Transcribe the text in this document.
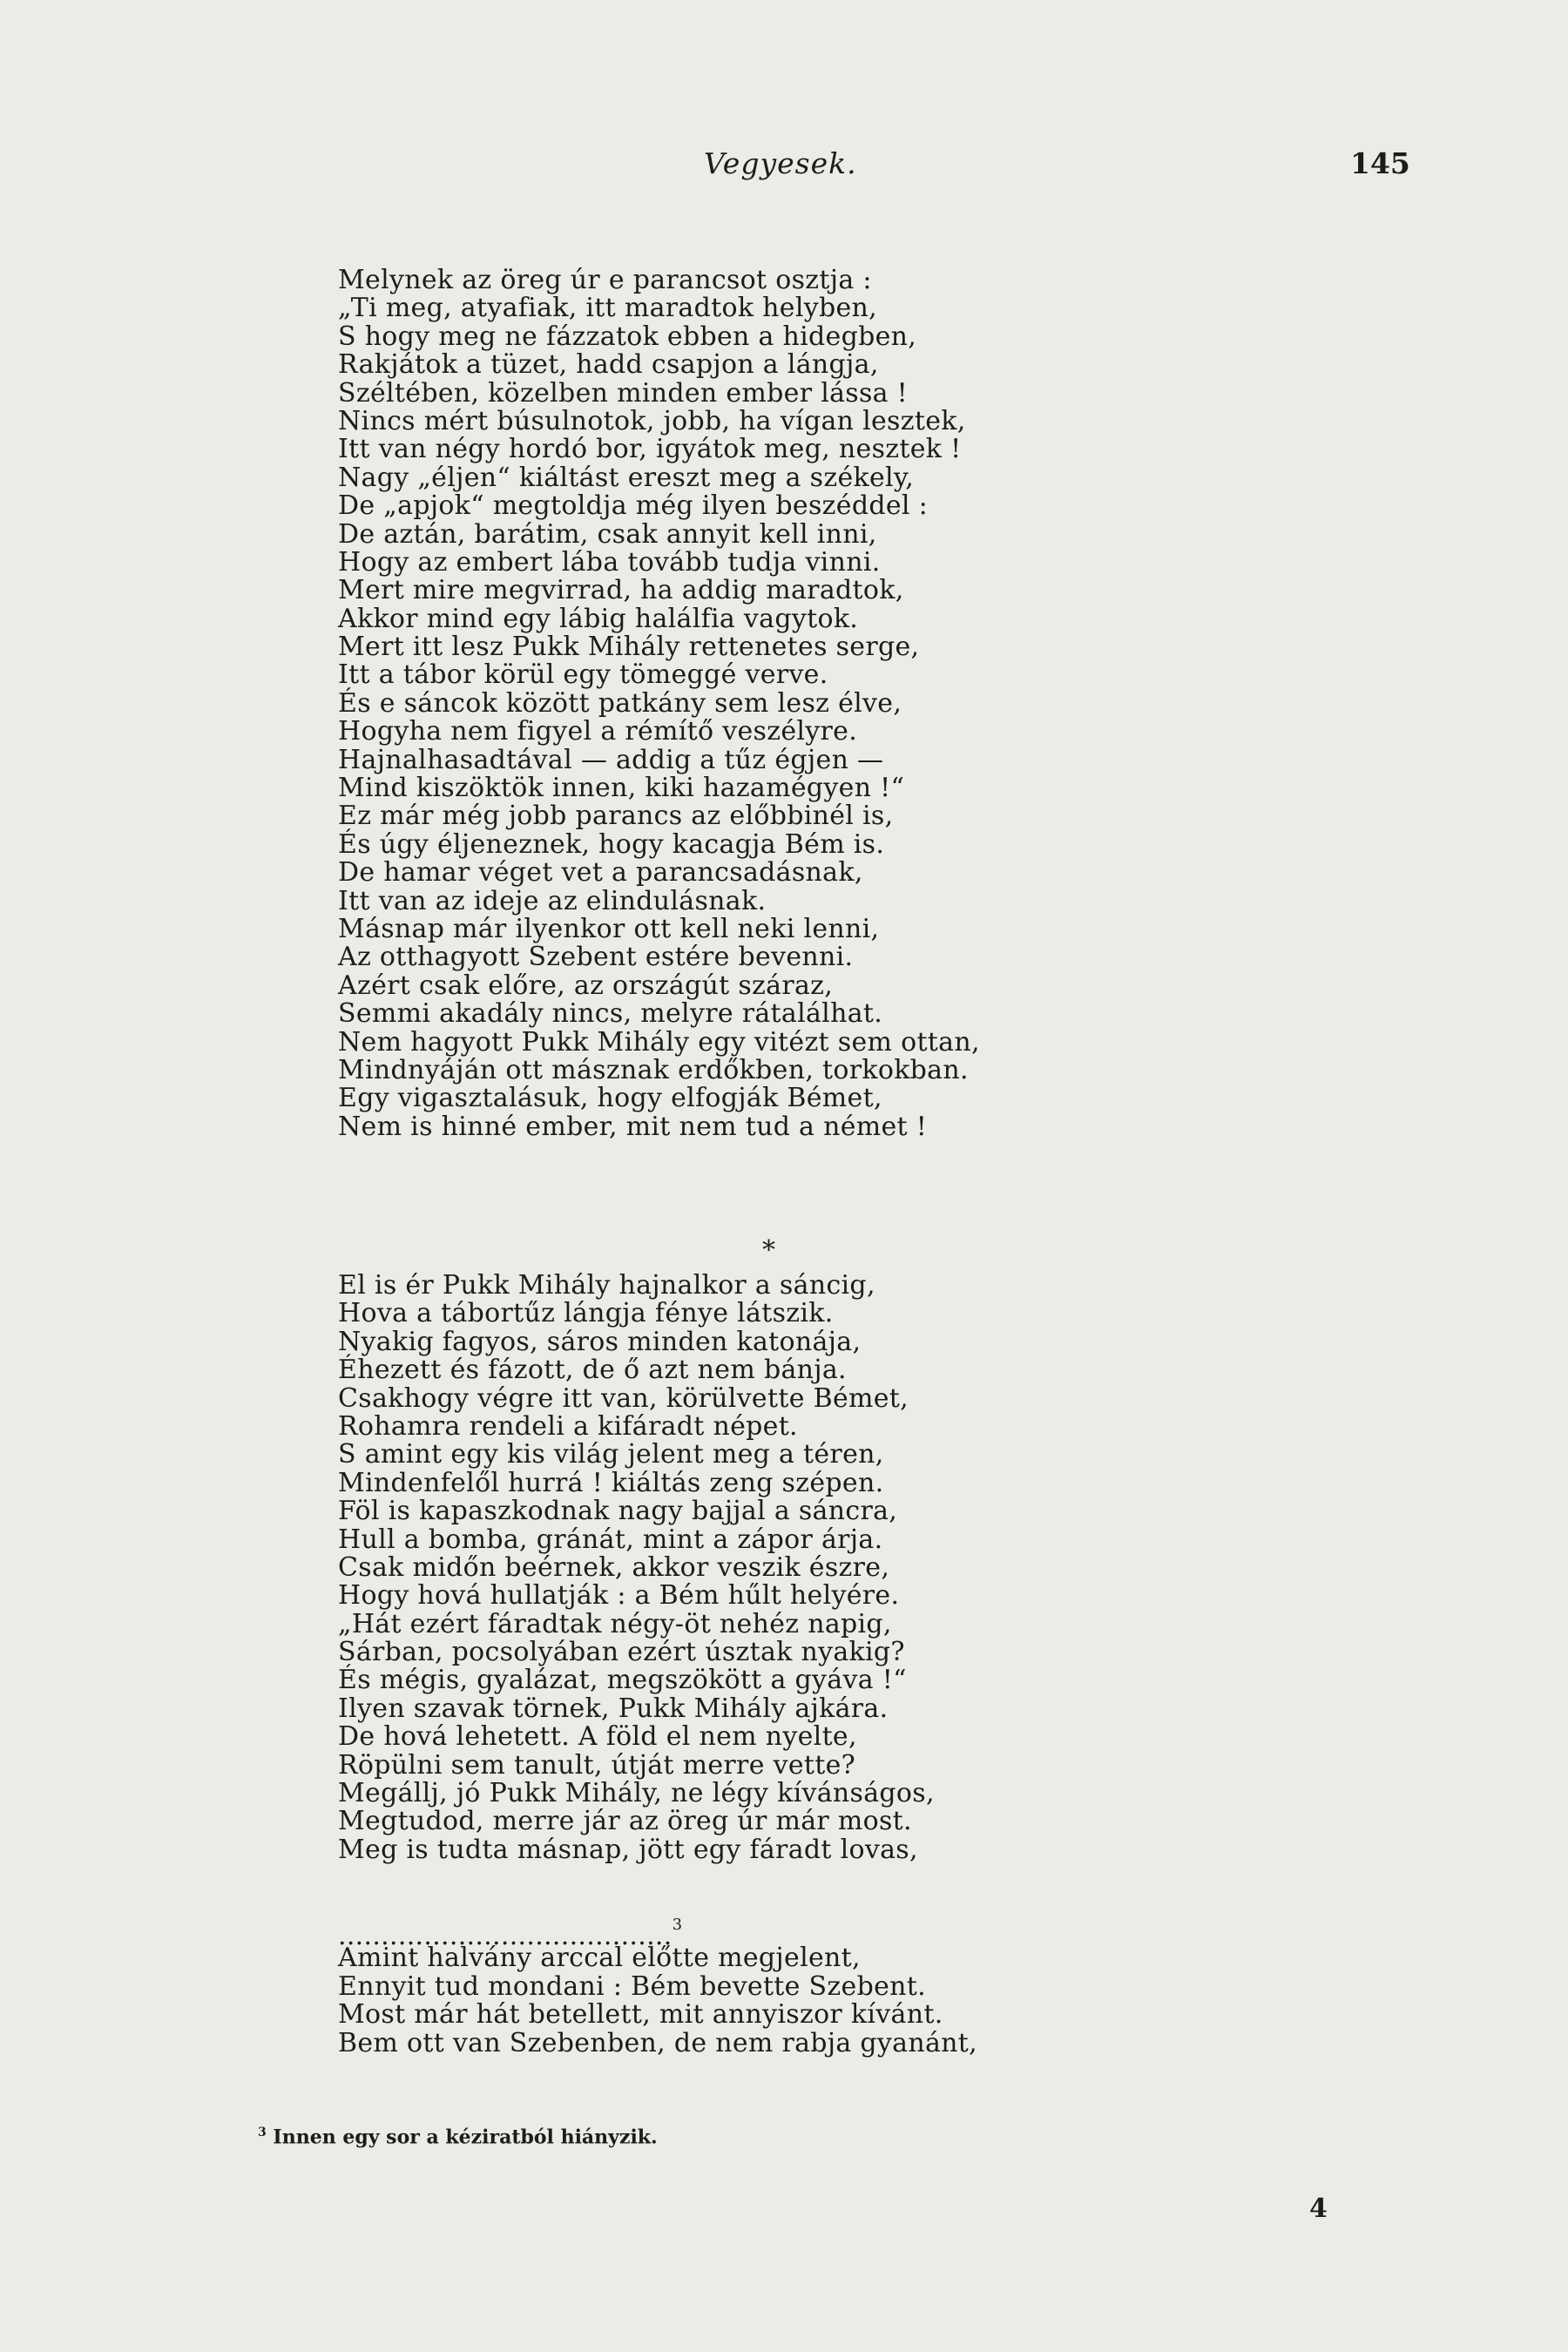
Vegyesek.	145
Melynek az öreg úr e parancsot osztja :
„Ti meg, atyafiak, itt maradtok helyben,
S hogy meg ne fázzatok ebben a hidegben,
Rakjátok a tüzet, hadd csapjon a lángja,
Széltében, közelben minden ember lássa !
Nincs mért búsulnotok, jobb, ha vígan lesztek,
Itt van négy hordó bor, igyátok meg, nesztek !
Nagy „éljen“ kiáltást ereszt meg a székely,
De „apjok“ megtoldja még ilyen beszéddel :
De aztán, barátim, csak annyit kell inni,
Hogy az embert lába tovább tudja vinni.
Mert mire megvirrad, ha addig maradtok,
Akkor mind egy lábig halálfia vagytok.
Mert itt lesz Pukk Mihály rettenetes serge,
Itt a tábor körül egy tömeggé verve.
És e sáncok között patkány sem lesz élve,
Hogyha nem figyel a rémítő veszélyre.
Hajnalhasadtával — addig a tűz égjen —
Mind kiszöktök innen, kiki hazamégyen !“
Ez már még jobb parancs az előbbinél is,
És úgy éljeneznek, hogy kacagja Bém is.
De hamar véget vet a parancsadásnak,
Itt van az ideje az elindulásnak.
Másnap már ilyenkor ott kell neki lenni,
Az otthagyott Szebent estére bevenni.
Azért csak előre, az országút száraz,
Semmi akadály nincs, melyre rátalálhat.
Nem hagyott Pukk Mihály egy vitézt sem ottan,
Mindnyáján ott másznak erdőkben, torkokban.
Egy vigasztalásuk, hogy elfogják Bémet,
Nem is hinné ember, mit nem tud a német !
*
El is ér Pukk Mihály hajnalkor a sáncig,
Hova a tábortűz lángja fénye látszik.
Nyakig fagyos, sáros minden katonája,
Éhezett és fázott, de ő azt nem bánja.
Csakhogy végre itt van, körülvette Bémet,
Rohamra rendeli a kifáradt népet.
S amint egy kis világ jelent meg a téren,
Mindenfelől hurrá ! kiáltás zeng szépen.
Föl is kapaszkodnak nagy bajjal a sáncra,
Hull a bomba, gránát, mint a zápor árja.
Csak midőn beérnek, akkor veszik észre,
Hogy hová hullatják : a Bém hűlt helyére.
„Hát ezért fáradtak négy-öt nehéz napig,
Sárban, pocsolyában ezért úsztak nyakig?
És mégis, gyalázat, megszökött a gyáva !“
Ilyen szavak törnek, Pukk Mihály ajkára.
De hová lehetett. A föld el nem nyelte,
Röpülni sem tanult, útját merre vette?
Megállj, jó Pukk Mihály, ne légy kívánságos,
Megtudod, merre jár az öreg úr már most.
Meg is tudta másnap, jött egy fáradt lovas,
.......................................$^3$
Amint halvány arccal előtte megjelent,
Ennyit tud mondani : Bém bevette Szebent.
Most már hát betellett, mit annyiszor kívánt.
Bem ott van Szebenben, de nem rabja gyanánt,
$^3$ Innen egy sor a kéziratból hiányzik.
4
